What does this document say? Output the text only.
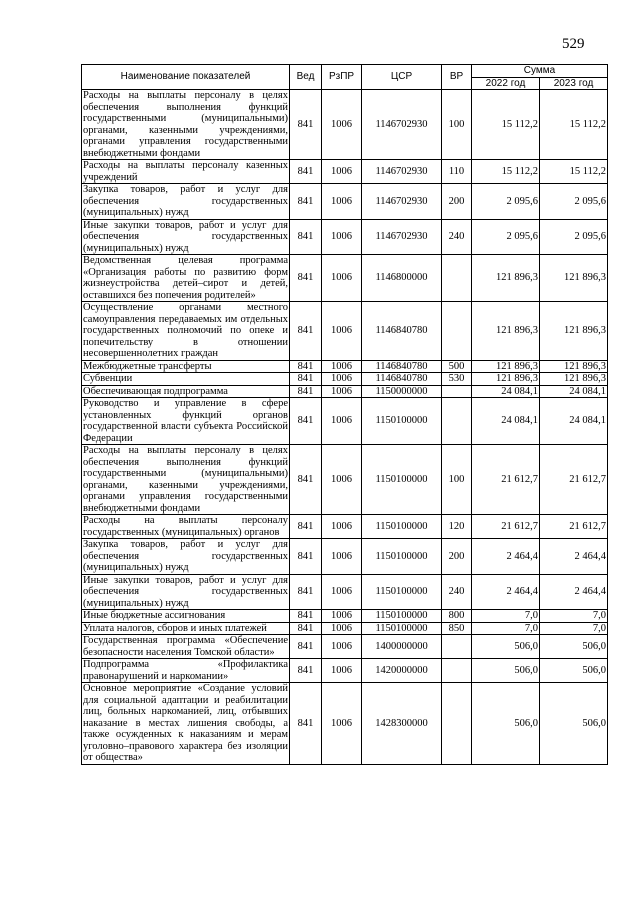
529
Наименование показателей	Вед	РзПР	ЦСР	ВР	Сумма	
					2022 год	2023 год
Расходы на выплаты персоналу в целях обеспечения выполнения функций государственными (муниципальными) органами, казенными учреждениями, органами управления государственными внебюджетными фондами	841	1006	1146702930	100	15 112,2	15 112,2
Расходы на выплаты персоналу казенных учреждений	841	1006	1146702930	110	15 112,2	15 112,2
Закупка товаров, работ и услуг для обеспечения государственных (муниципальных) нужд	841	1006	1146702930	200	2 095,6	2 095,6
Иные закупки товаров, работ и услуг для обеспечения государственных (муниципальных) нужд	841	1006	1146702930	240	2 095,6	2 095,6
Ведомственная целевая программа «Организация работы по развитию форм жизнеустройства детей–сирот и детей, оставшихся без попечения родителей»	841	1006	1146800000		121 896,3	121 896,3
Осуществление органами местного самоуправления передаваемых им отдельных государственных полномочий по опеке и попечительству в отношении несовершеннолетних граждан	841	1006	1146840780		121 896,3	121 896,3
Межбюджетные трансферты	841	1006	1146840780	500	121 896,3	121 896,3
Субвенции	841	1006	1146840780	530	121 896,3	121 896,3
Обеспечивающая подпрограмма	841	1006	1150000000		24 084,1	24 084,1
Руководство и управление в сфере установленных функций органов государственной власти субъекта Российской Федерации	841	1006	1150100000		24 084,1	24 084,1
Расходы на выплаты персоналу в целях обеспечения выполнения функций государственными (муниципальными) органами, казенными учреждениями, органами управления государственными внебюджетными фондами	841	1006	1150100000	100	21 612,7	21 612,7
Расходы на выплаты персоналу государственных (муниципальных) органов	841	1006	1150100000	120	21 612,7	21 612,7
Закупка товаров, работ и услуг для обеспечения государственных (муниципальных) нужд	841	1006	1150100000	200	2 464,4	2 464,4
Иные закупки товаров, работ и услуг для обеспечения государственных (муниципальных) нужд	841	1006	1150100000	240	2 464,4	2 464,4
Иные бюджетные ассигнования	841	1006	1150100000	800	7,0	7,0
Уплата налогов, сборов и иных платежей	841	1006	1150100000	850	7,0	7,0
Государственная программа «Обеспечение безопасности населения Томской области»	841	1006	1400000000		506,0	506,0
Подпрограмма «Профилактика правонарушений и наркомании»	841	1006	1420000000		506,0	506,0
Основное мероприятие «Создание условий для социальной адаптации и реабилитации лиц, больных наркоманией, лиц, отбывших наказание в местах лишения свободы, а также осужденных к наказаниям и мерам уголовно–правового характера без изоляции от общества»	841	1006	1428300000		506,0	506,0
